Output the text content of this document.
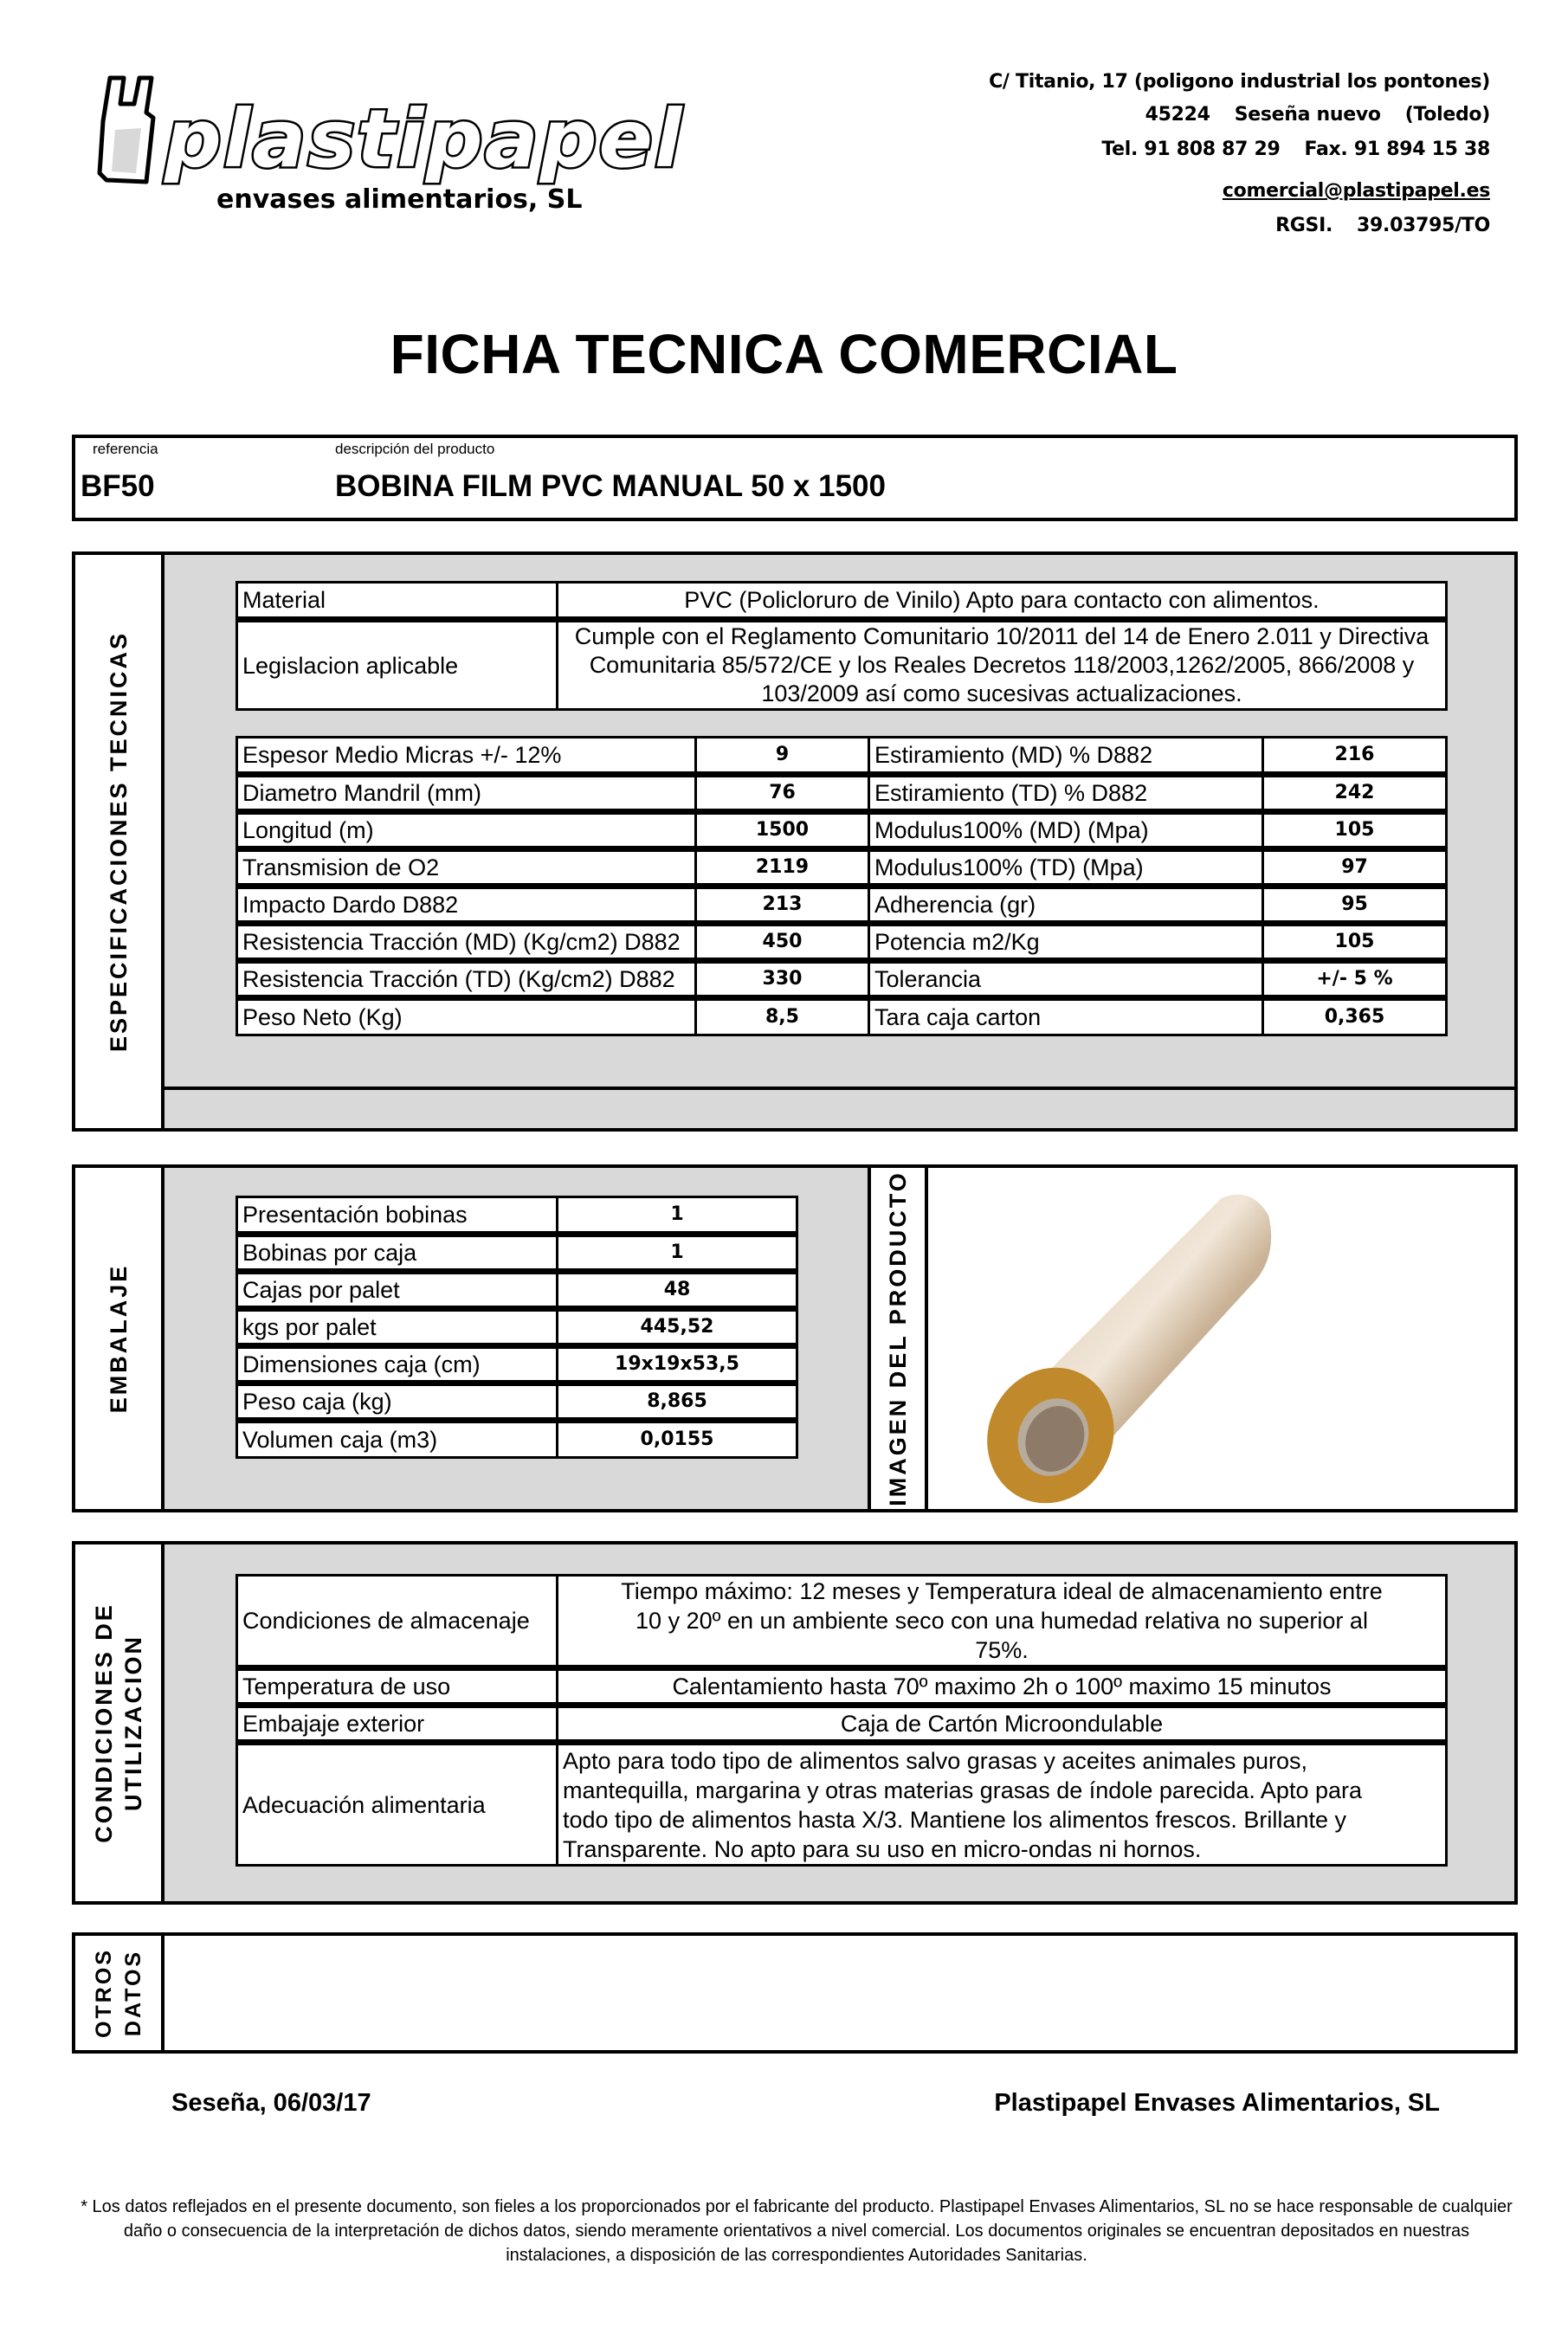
plastipapel
envases alimentarios, SL
C/ Titanio, 17 (poligono industrial los pontones)
45224 Seseña nuevo (Toledo)
Tel. 91 808 87 29 Fax. 91 894 15 38
comercial@plastipapel.es
RGSI. 39.03795/TO
FICHA TECNICA COMERCIAL
referencia	descripción del producto
BF50	BOBINA FILM PVC MANUAL 50 x 1500
ESPECIFICACIONES TECNICAS
Material	PVC (Policloruro de Vinilo) Apto para contacto con alimentos.
Legislacion aplicable	Cumple con el Reglamento Comunitario 10/2011 del 14 de Enero 2.011 y Directiva Comunitaria 85/572/CE y los Reales Decretos 118/2003,1262/2005, 866/2008 y 103/2009 así como sucesivas actualizaciones.
Espesor Medio Micras +/- 12%	9	Estiramiento (MD) % D882	216
Diametro Mandril (mm)	76	Estiramiento (TD) % D882	242
Longitud (m)	1500	Modulus100% (MD) (Mpa)	105
Transmision de O2	2119	Modulus100% (TD) (Mpa)	97
Impacto Dardo D882	213	Adherencia (gr)	95
Resistencia Tracción (MD) (Kg/cm2) D882	450	Potencia m2/Kg	105
Resistencia Tracción (TD) (Kg/cm2) D882	330	Tolerancia	+/- 5 %
Peso Neto (Kg)	8,5	Tara caja carton	0,365
EMBALAJE
Presentación bobinas	1
Bobinas por caja	1
Cajas por palet	48
kgs por palet	445,52
Dimensiones caja (cm)	19x19x53,5
Peso caja (kg)	8,865
Volumen caja (m3)	0,0155	IMAGEN DEL PRODUCTO
CONDICIONES DE UTILIZACION
Condiciones de almacenaje	Tiempo máximo: 12 meses y Temperatura ideal de almacenamiento entre 10 y 20º en un ambiente seco con una humedad relativa no superior al 75%.
Temperatura de uso	Calentamiento hasta 70º maximo 2h o 100º maximo 15 minutos
Embajaje exterior	Caja de Cartón Microondulable
Adecuación alimentaria	Apto para todo tipo de alimentos salvo grasas y aceites animales puros, mantequilla, margarina y otras materias grasas de índole parecida. Apto para todo tipo de alimentos hasta X/3. Mantiene los alimentos frescos. Brillante y Transparente. No apto para su uso en micro-ondas ni hornos.
OTROS DATOS
Seseña, 06/03/17	Plastipapel Envases Alimentarios, SL
* Los datos reflejados en el presente documento, son fieles a los proporcionados por el fabricante del producto. Plastipapel Envases Alimentarios, SL no se hace responsable de cualquier daño o consecuencia de la interpretación de dichos datos, siendo meramente orientativos a nivel comercial. Los documentos originales se encuentran depositados en nuestras instalaciones, a disposición de las correspondientes Autoridades Sanitarias.
